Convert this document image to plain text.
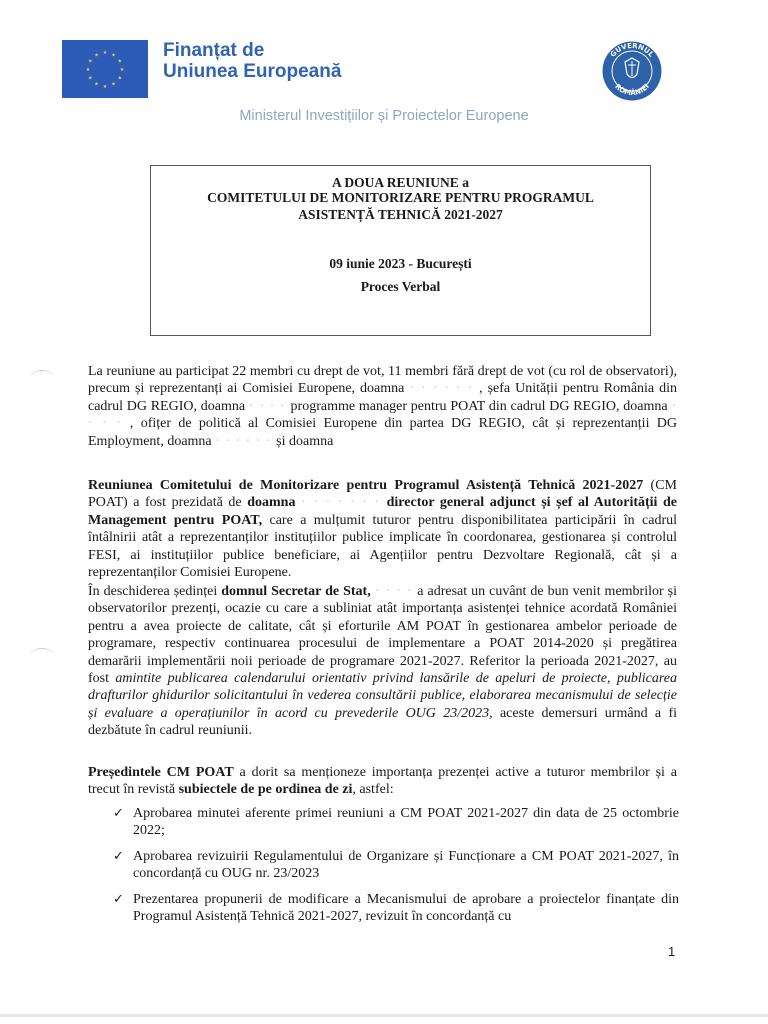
★ ★
★
★
★
★
★
★
★
★
★
★	Finanțat de
Uniunea Europeană
GUVERNUL
ROMÂNIEI
Ministerul Investițiilor și Proiectelor Europene
A DOUA REUNIUNE a
COMITETULUI DE MONITORIZARE PENTRU PROGRAMUL
ASISTENȚĂ TEHNICĂ 2021-2027
09 iunie 2023 - București
Proces Verbal
La reuniune au participat 22 membri cu drept de vot, 11 membri fără drept de vot (cu rol de observatori), precum și reprezentanți ai Comisiei Europene, doamna · · · · · · , șefa Unității pentru România din cadrul DG REGIO, doamna · · · · programme manager pentru POAT din cadrul DG REGIO, doamna · · · · , ofițer de politică al Comisiei Europene din partea DG REGIO, cât și reprezentanții DG Employment, doamna · · · · · · și doamna
Reuniunea Comitetului de Monitorizare pentru Programul Asistență Tehnică 2021-2027 (CM POAT) a fost prezidată de doamna · · · · · · · director general adjunct și șef al Autorității de Management pentru POAT, care a mulțumit tuturor pentru disponibilitatea participării în cadrul întâlnirii atât a reprezentanților instituțiilor publice implicate în coordonarea, gestionarea și controlul FESI, ai instituțiilor publice beneficiare, ai Agențiilor pentru Dezvoltare Regională, cât și a reprezentanților Comisiei Europene.
În deschiderea ședinței domnul Secretar de Stat, · · · · a adresat un cuvânt de bun venit membrilor și observatorilor prezenți, ocazie cu care a subliniat atât importanța asistenței tehnice acordată României pentru a avea proiecte de calitate, cât și eforturile AM POAT în gestionarea ambelor perioade de programare, respectiv continuarea procesului de implementare a POAT 2014-2020 și pregătirea demarării implementării noii perioade de programare 2021-2027. Referitor la perioada 2021-2027, au fost amintite publicarea calendarului orientativ privind lansările de apeluri de proiecte, publicarea drafturilor ghidurilor solicitantului în vederea consultării publice, elaborarea mecanismului de selecție și evaluare a operațiunilor în acord cu prevederile OUG 23/2023, aceste demersuri urmând a fi dezbătute în cadrul reuniunii.
Președintele CM POAT a dorit sa menționeze importanța prezenței active a tuturor membrilor și a trecut în revistă subiectele de pe ordinea de zi, astfel:
✓ Aprobarea minutei aferente primei reuniuni a CM POAT 2021-2027 din data de 25 octombrie 2022;
✓ Aprobarea revizuirii Regulamentului de Organizare și Funcționare a CM POAT 2021-2027, în concordanță cu OUG nr. 23/2023
✓ Prezentarea propunerii de modificare a Mecanismului de aprobare a proiectelor finanțate din Programul Asistență Tehnică 2021-2027, revizuit în concordanță cu
1
